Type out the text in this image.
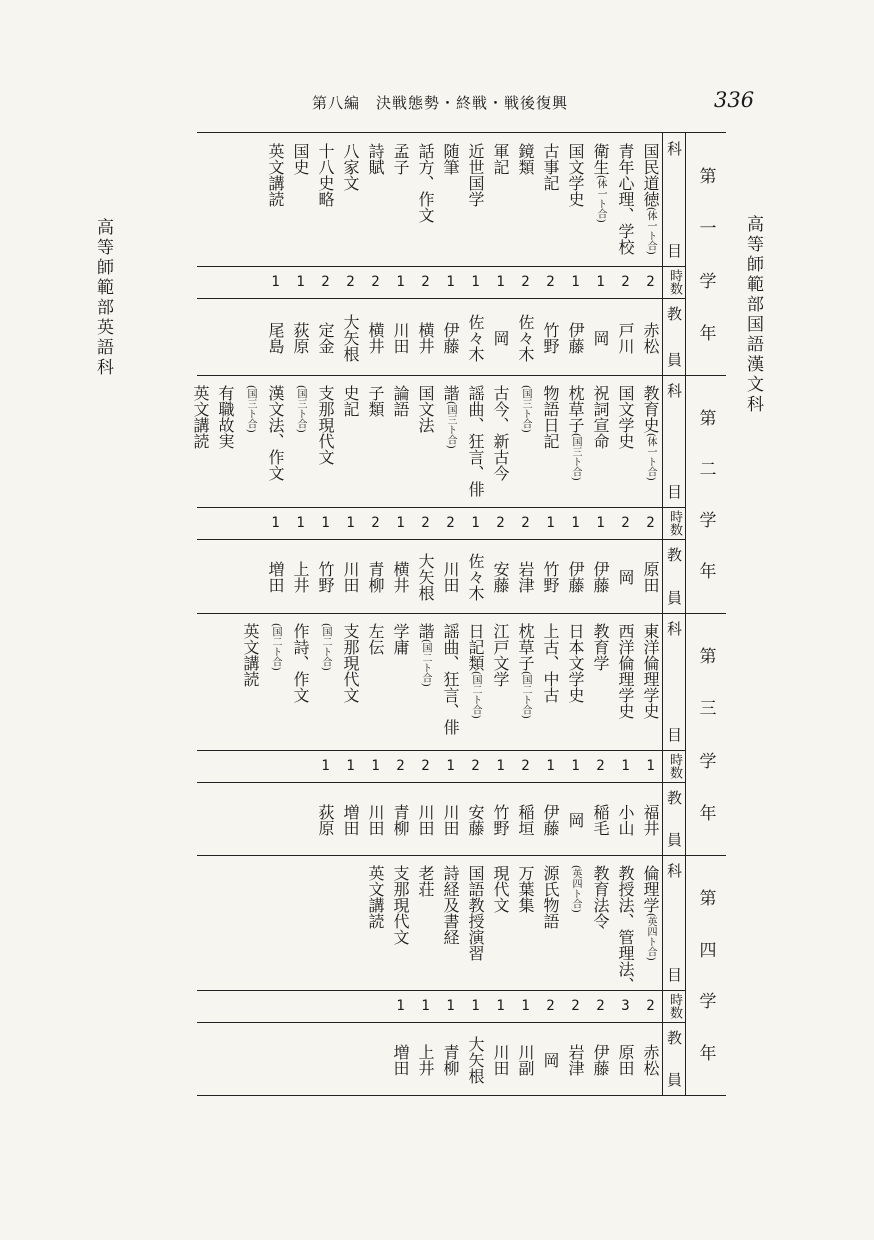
第八編　決戦態勢・終戦・戦後復興	336
高等師範部英語科	高等師範部国語漢文科
第
一
学
年
科
目
時数
教
員
国民道徳(体一ト合)
青年心理、学校
衛生(体一ト合)
国文学史
古事記
鏡類
軍記
近世国学
随筆
話方、作文
孟子
詩賦
八家文
十八史略
国史
英文講読
2
2
1
1
2
2
1
1
1
2
1
2
2
2
1
1
赤松
戸川
岡
伊藤
竹野
佐々木
岡
佐々木
伊藤
横井
川田
横井
大矢根
定金
荻原
尾島
第
二
学
年
科
目
時数
教
員
教育史(体一ト合)
国文学史
祝詞宣命
枕草子(国三ト合)
物語日記
(国三ト合)
古今、新古今
謡曲、狂言、俳
諧(国三ト合)
国文法
論語
子類
史記
支那現代文
(国三ト合)
漢文法、作文
(国三ト合)
有職故実
英文講読
2
2
1
1
1
2
2
1
2
2
1
2
1
1
1
1
原田
岡
伊藤
伊藤
竹野
岩津
安藤
佐々木
川田
大矢根
横井
青柳
川田
竹野
上井
増田
第
三
学
年
科
目
時数
教
員
東洋倫理学史
西洋倫理学史
教育学
日本文学史
上古、中古
枕草子(国二ト合)
江戸文学
日記類(国二ト合)
謡曲、狂言、俳
諧(国二ト合)
学庸
左伝
支那現代文
(国二ト合)
作詩、作文
(国二ト合)
英文講読
1
1
2
1
1
2
1
2
1
2
2
1
1
1
福井
小山
稲毛
岡
伊藤
稲垣
竹野
安藤
川田
川田
青柳
川田
増田
荻原
第
四
学
年
科
目
時数
教
員
倫理学(英四ト合)
教授法、管理法、
教育法令
(英四ト合)
源氏物語
万葉集
現代文
国語教授演習
詩経及書経
老荘
支那現代文
英文講読
2
3
2
2
2
1
1
1
1
1
1
赤松
原田
伊藤
岩津
岡
川副
川田
大矢根
青柳
上井
増田
